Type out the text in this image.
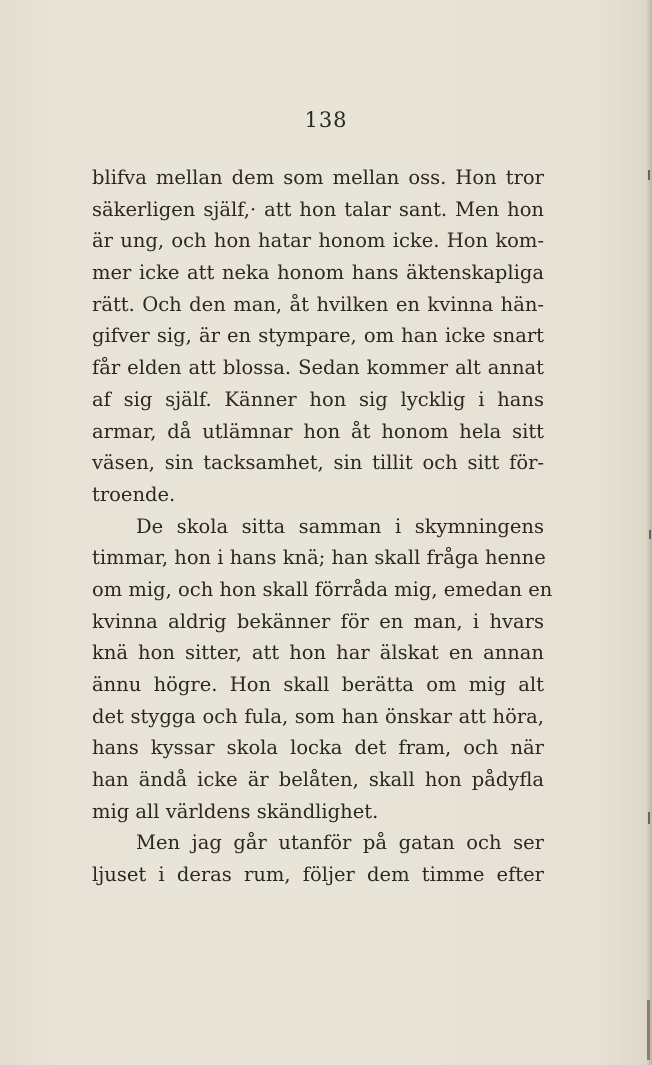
138
blifva mellan dem som mellan oss. Hon tror
säkerligen själf,· att hon talar sant. Men hon
är ung, och hon hatar honom icke. Hon kom-
mer icke att neka honom hans äktenskapliga
rätt. Och den man, åt hvilken en kvinna hän-
gifver sig, är en stympare, om han icke snart
får elden att blossa. Sedan kommer alt annat
af sig själf. Känner hon sig lycklig i hans
armar, då utlämnar hon åt honom hela sitt
väsen, sin tacksamhet, sin tillit och sitt för-
troende.
De skola sitta samman i skymningens
timmar, hon i hans knä; han skall fråga henne
om mig, och hon skall förråda mig, emedan en
kvinna aldrig bekänner för en man, i hvars
knä hon sitter, att hon har älskat en annan
ännu högre. Hon skall berätta om mig alt
det stygga och fula, som han önskar att höra,
hans kyssar skola locka det fram, och när
han ändå icke är belåten, skall hon pådyfla
mig all världens skändlighet.
Men jag går utanför på gatan och ser
ljuset i deras rum, följer dem timme efter
